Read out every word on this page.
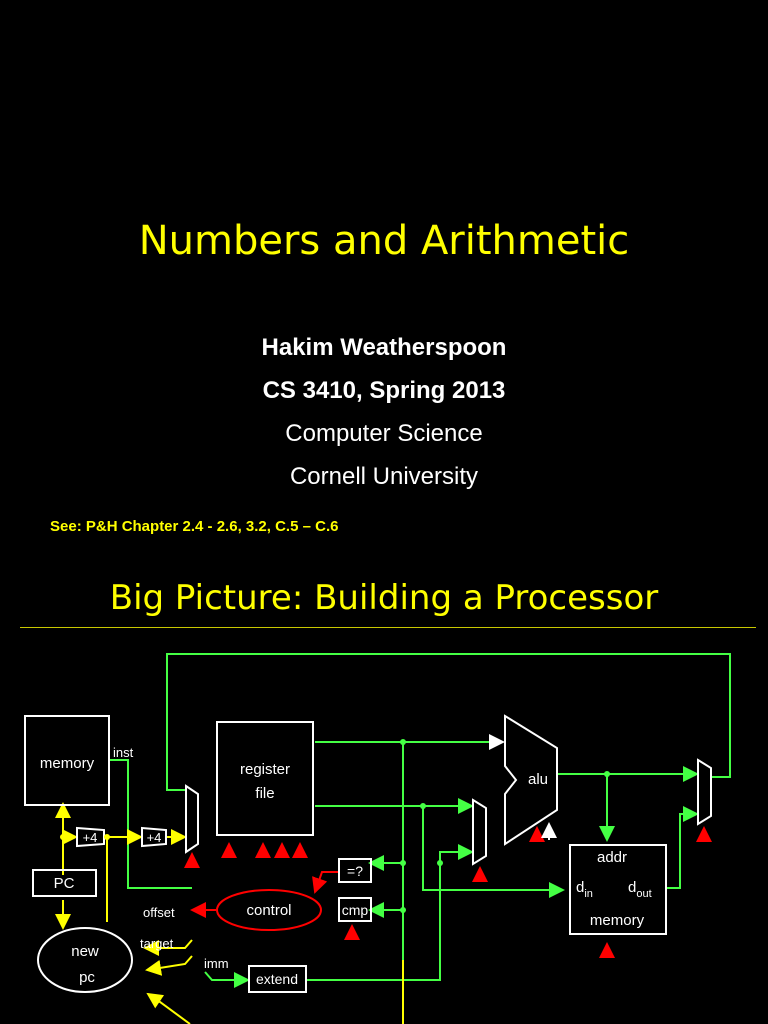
Numbers and Arithmetic
Hakim Weatherspoon
CS 3410, Spring 2013
Computer Science
Cornell University
See: P&H Chapter 2.4 - 2.6, 3.2, C.5 – C.6
Big Picture: Building a Processor
memory
inst
+4	+4
PC
new
pc
register
file
control
offset
target
imm
=?
cmp
extend
alu
addr
$d_{in}$ $d_{out}$
memory
